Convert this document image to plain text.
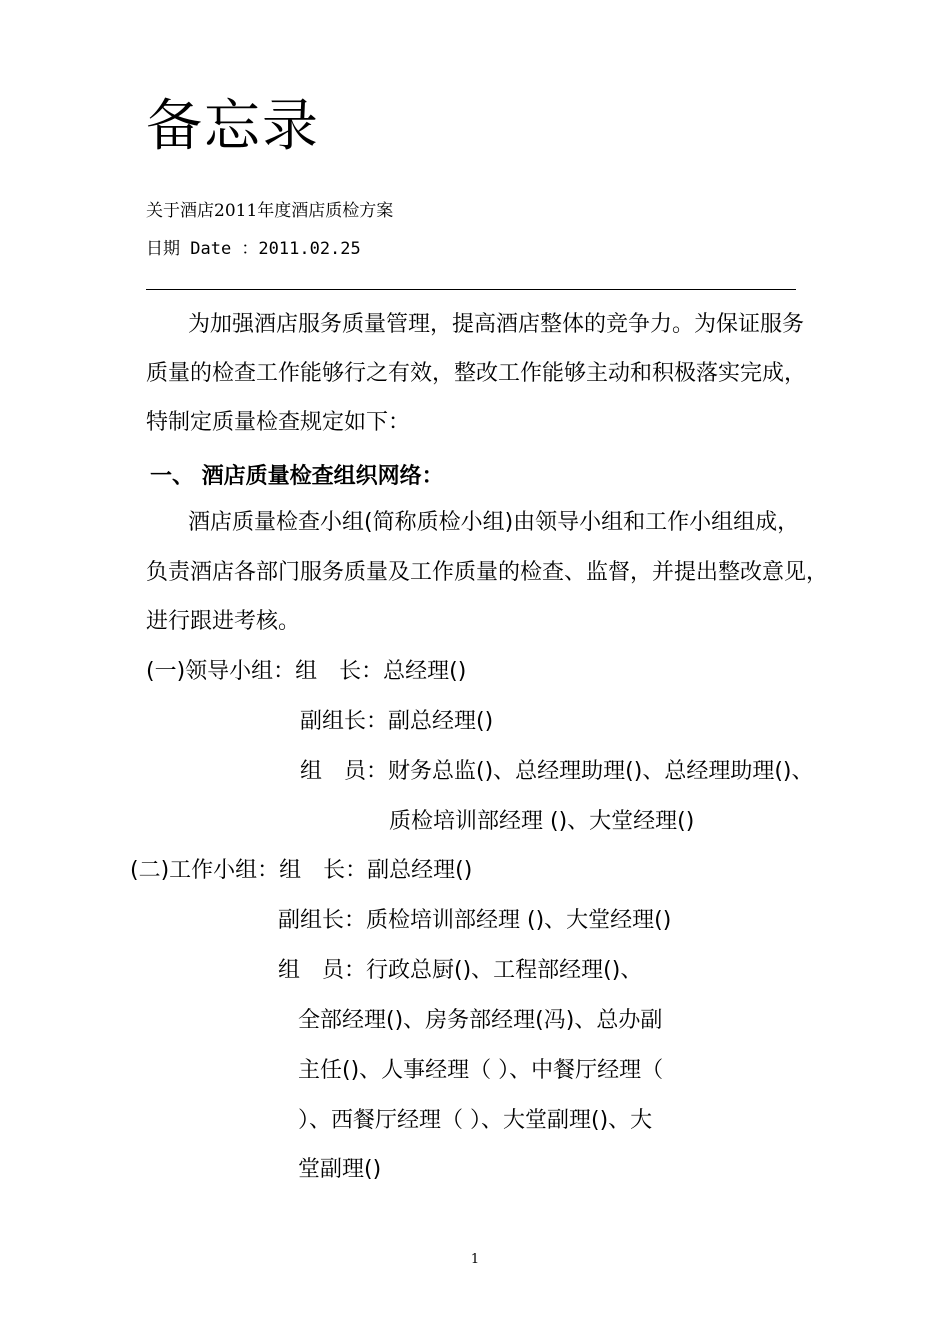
备忘录
关于酒店2011年度酒店质检方案
日期 Date ：2011.02.25
为加强酒店服务质量管理，提高酒店整体的竞争力。为保证服务
质量的检查工作能够行之有效，整改工作能够主动和积极落实完成，
特制定质量检查规定如下：
一、 酒店质量检查组织网络：
酒店质量检查小组(简称质检小组)由领导小组和工作小组组成，
负责酒店各部门服务质量及工作质量的检查、监督，并提出整改意见，
进行跟进考核。
(一)领导小组：组　长：总经理()
副组长：副总经理()
组　员：财务总监()、总经理助理()、总经理助理()、
质检培训部经理 ()、大堂经理()
(二)工作小组：组　长：副总经理()
副组长：质检培训部经理 ()、大堂经理()
组　员：行政总厨()、工程部经理()、
全部经理()、房务部经理(冯)、总办副
主任()、人事经理（ ）、中餐厅经理（
）、西餐厅经理（ ）、大堂副理()、大
堂副理()
1
